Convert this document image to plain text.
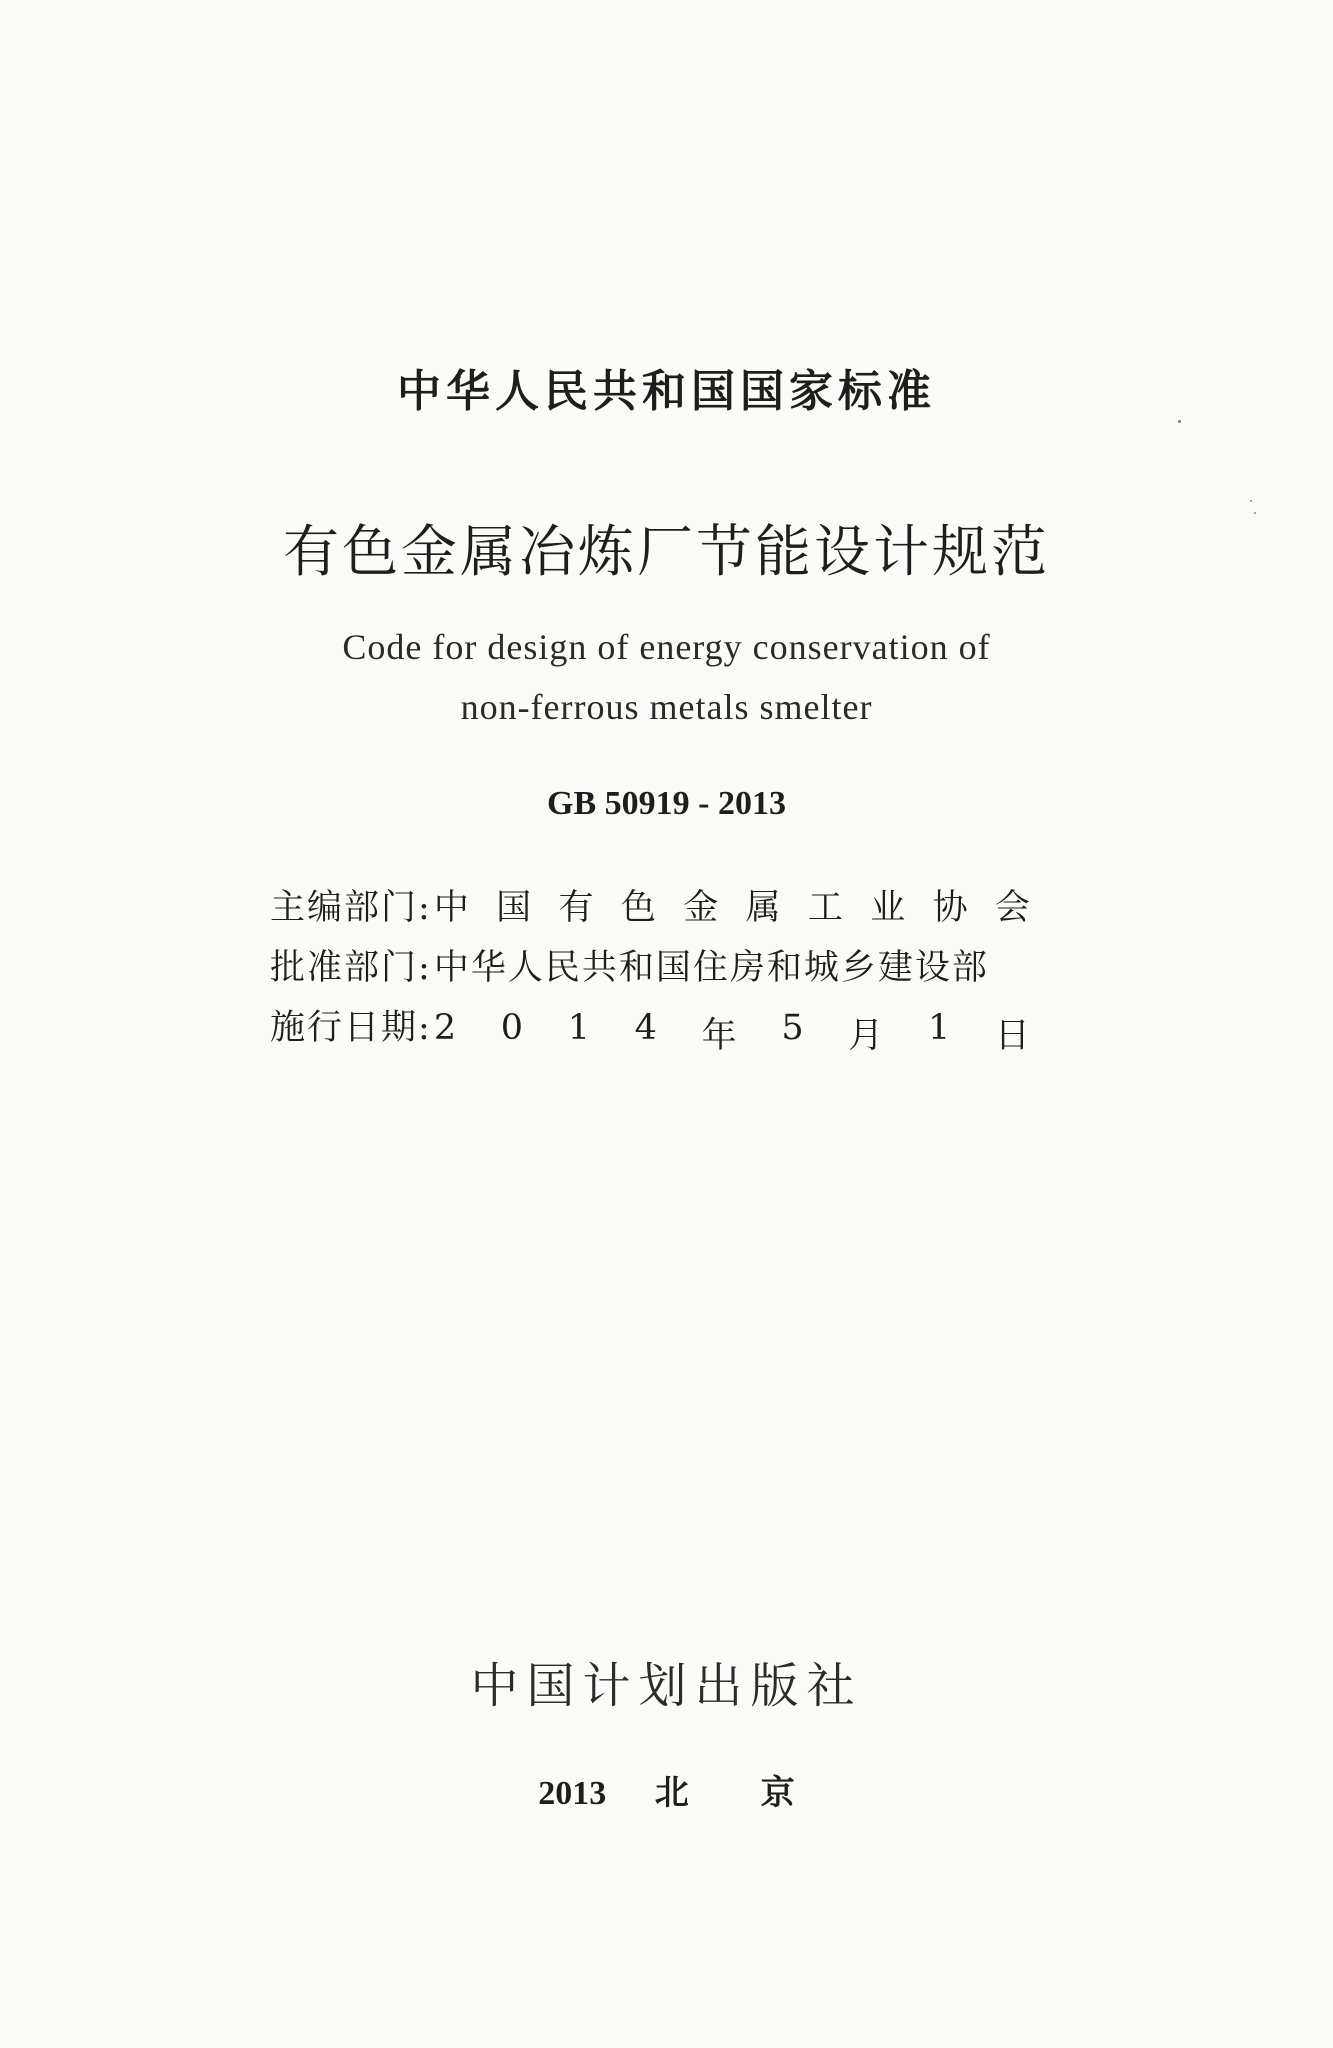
中华人民共和国国家标准
有色金属冶炼厂节能设计规范
Code for design of energy conservation of
non-ferrous metals smelter
GB 50919 - 2013
主编部门 : 中 国 有 色 金 属 工 业 协 会
批准部门 : 中华人民共和国住房和城乡建设部
施行日期 : 2 0 1 4 年 5 月 1 日
中国计划出版社
2013 北京
